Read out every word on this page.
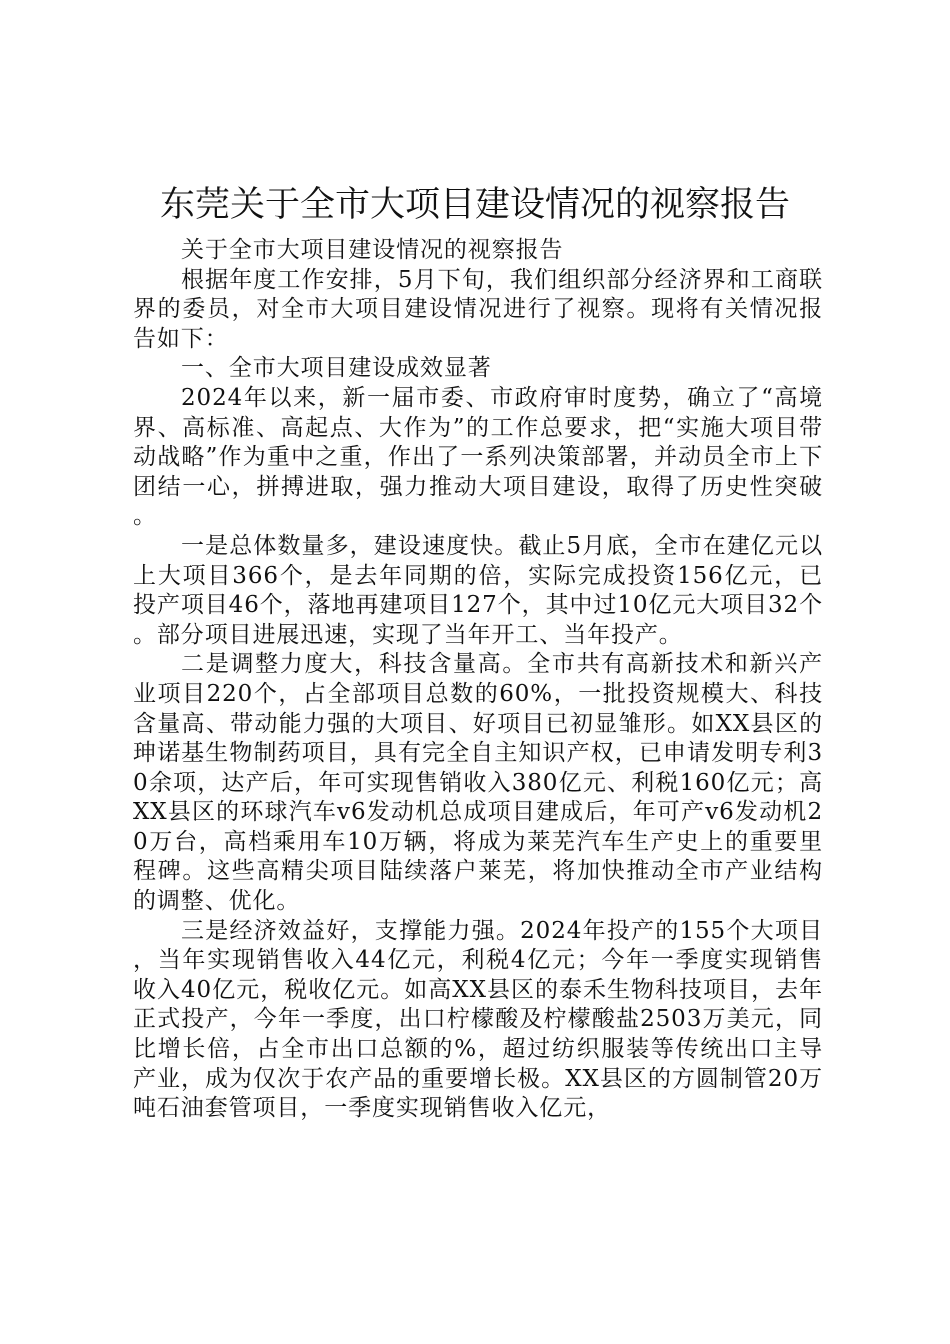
东莞关于全市大项目建设情况的视察报告

关于全市大项目建设情况的视察报告

根据年度工作安排，5月下旬，我们组织部分经济界和工商联界的委员，对全市大项目建设情况进行了视察。现将有关情况报告如下：

一、全市大项目建设成效显著

2024年以来，新一届市委、市政府审时度势，确立了“高境界、高标准、高起点、大作为”的工作总要求，把“实施大项目带动战略”作为重中之重，作出了一系列决策部署，并动员全市上下团结一心，拼搏进取，强力推动大项目建设，取得了历史性突破。

一是总体数量多，建设速度快。截止5月底，全市在建亿元以上大项目366个，是去年同期的倍，实际完成投资156亿元，已投产项目46个，落地再建项目127个，其中过10亿元大项目32个。部分项目进展迅速，实现了当年开工、当年投产。

二是调整力度大，科技含量高。全市共有高新技术和新兴产业项目220个，占全部项目总数的60%，一批投资规模大、科技含量高、带动能力强的大项目、好项目已初显雏形。如XX县区的珅诺基生物制药项目，具有完全自主知识产权，已申请发明专利30余项，达产后，年可实现售销收入380亿元、利税160亿元；高XX县区的环球汽车v6发动机总成项目建成后，年可产v6发动机20万台，高档乘用车10万辆，将成为莱芜汽车生产史上的重要里程碑。这些高精尖项目陆续落户莱芜，将加快推动全市产业结构的调整、优化。

三是经济效益好，支撑能力强。2024年投产的155个大项目，当年实现销售收入44亿元，利税4亿元；今年一季度实现销售收入40亿元，税收亿元。如高XX县区的泰禾生物科技项目，去年正式投产，今年一季度，出口柠檬酸及柠檬酸盐2503万美元，同比增长倍，占全市出口总额的%，超过纺织服装等传统出口主导产业，成为仅次于农产品的重要增长极。XX县区的方圆制管20万吨石油套管项目，一季度实现销售收入亿元，
